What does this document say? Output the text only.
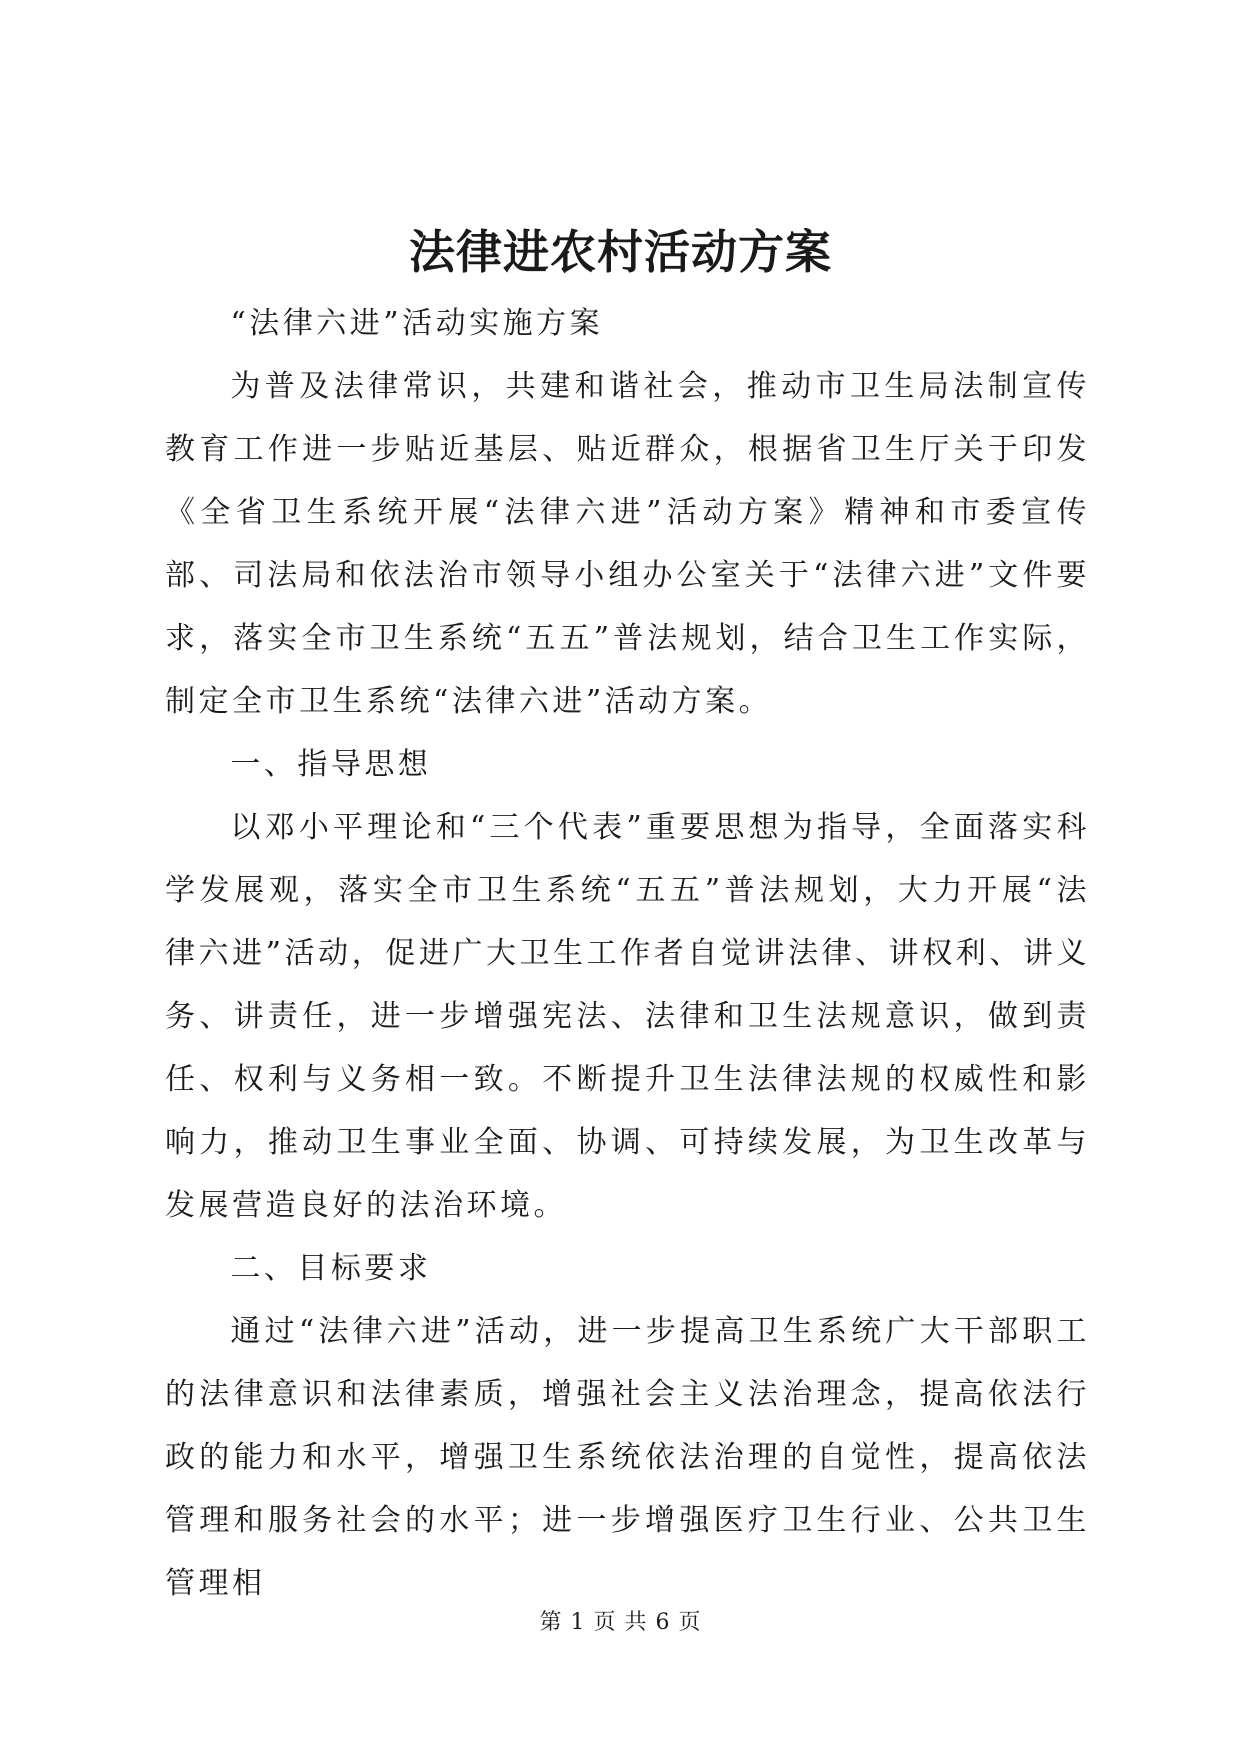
法律进农村活动方案

“法律六进”活动实施方案

为普及法律常识，共建和谐社会，推动市卫生局法制宣传教育工作进一步贴近基层、贴近群众，根据省卫生厅关于印发《全省卫生系统开展“法律六进”活动方案》精神和市委宣传部、司法局和依法治市领导小组办公室关于“法律六进”文件要求，落实全市卫生系统“五五”普法规划，结合卫生工作实际，制定全市卫生系统“法律六进”活动方案。

一、指导思想

以邓小平理论和“三个代表”重要思想为指导，全面落实科学发展观，落实全市卫生系统“五五”普法规划，大力开展“法律六进”活动，促进广大卫生工作者自觉讲法律、讲权利、讲义务、讲责任，进一步增强宪法、法律和卫生法规意识，做到责任、权利与义务相一致。不断提升卫生法律法规的权威性和影响力，推动卫生事业全面、协调、可持续发展，为卫生改革与发展营造良好的法治环境。

二、目标要求

通过“法律六进”活动，进一步提高卫生系统广大干部职工的法律意识和法律素质，增强社会主义法治理念，提高依法行政的能力和水平，增强卫生系统依法治理的自觉性，提高依法管理和服务社会的水平；进一步增强医疗卫生行业、公共卫生管理相

第 1 页 共 6 页
